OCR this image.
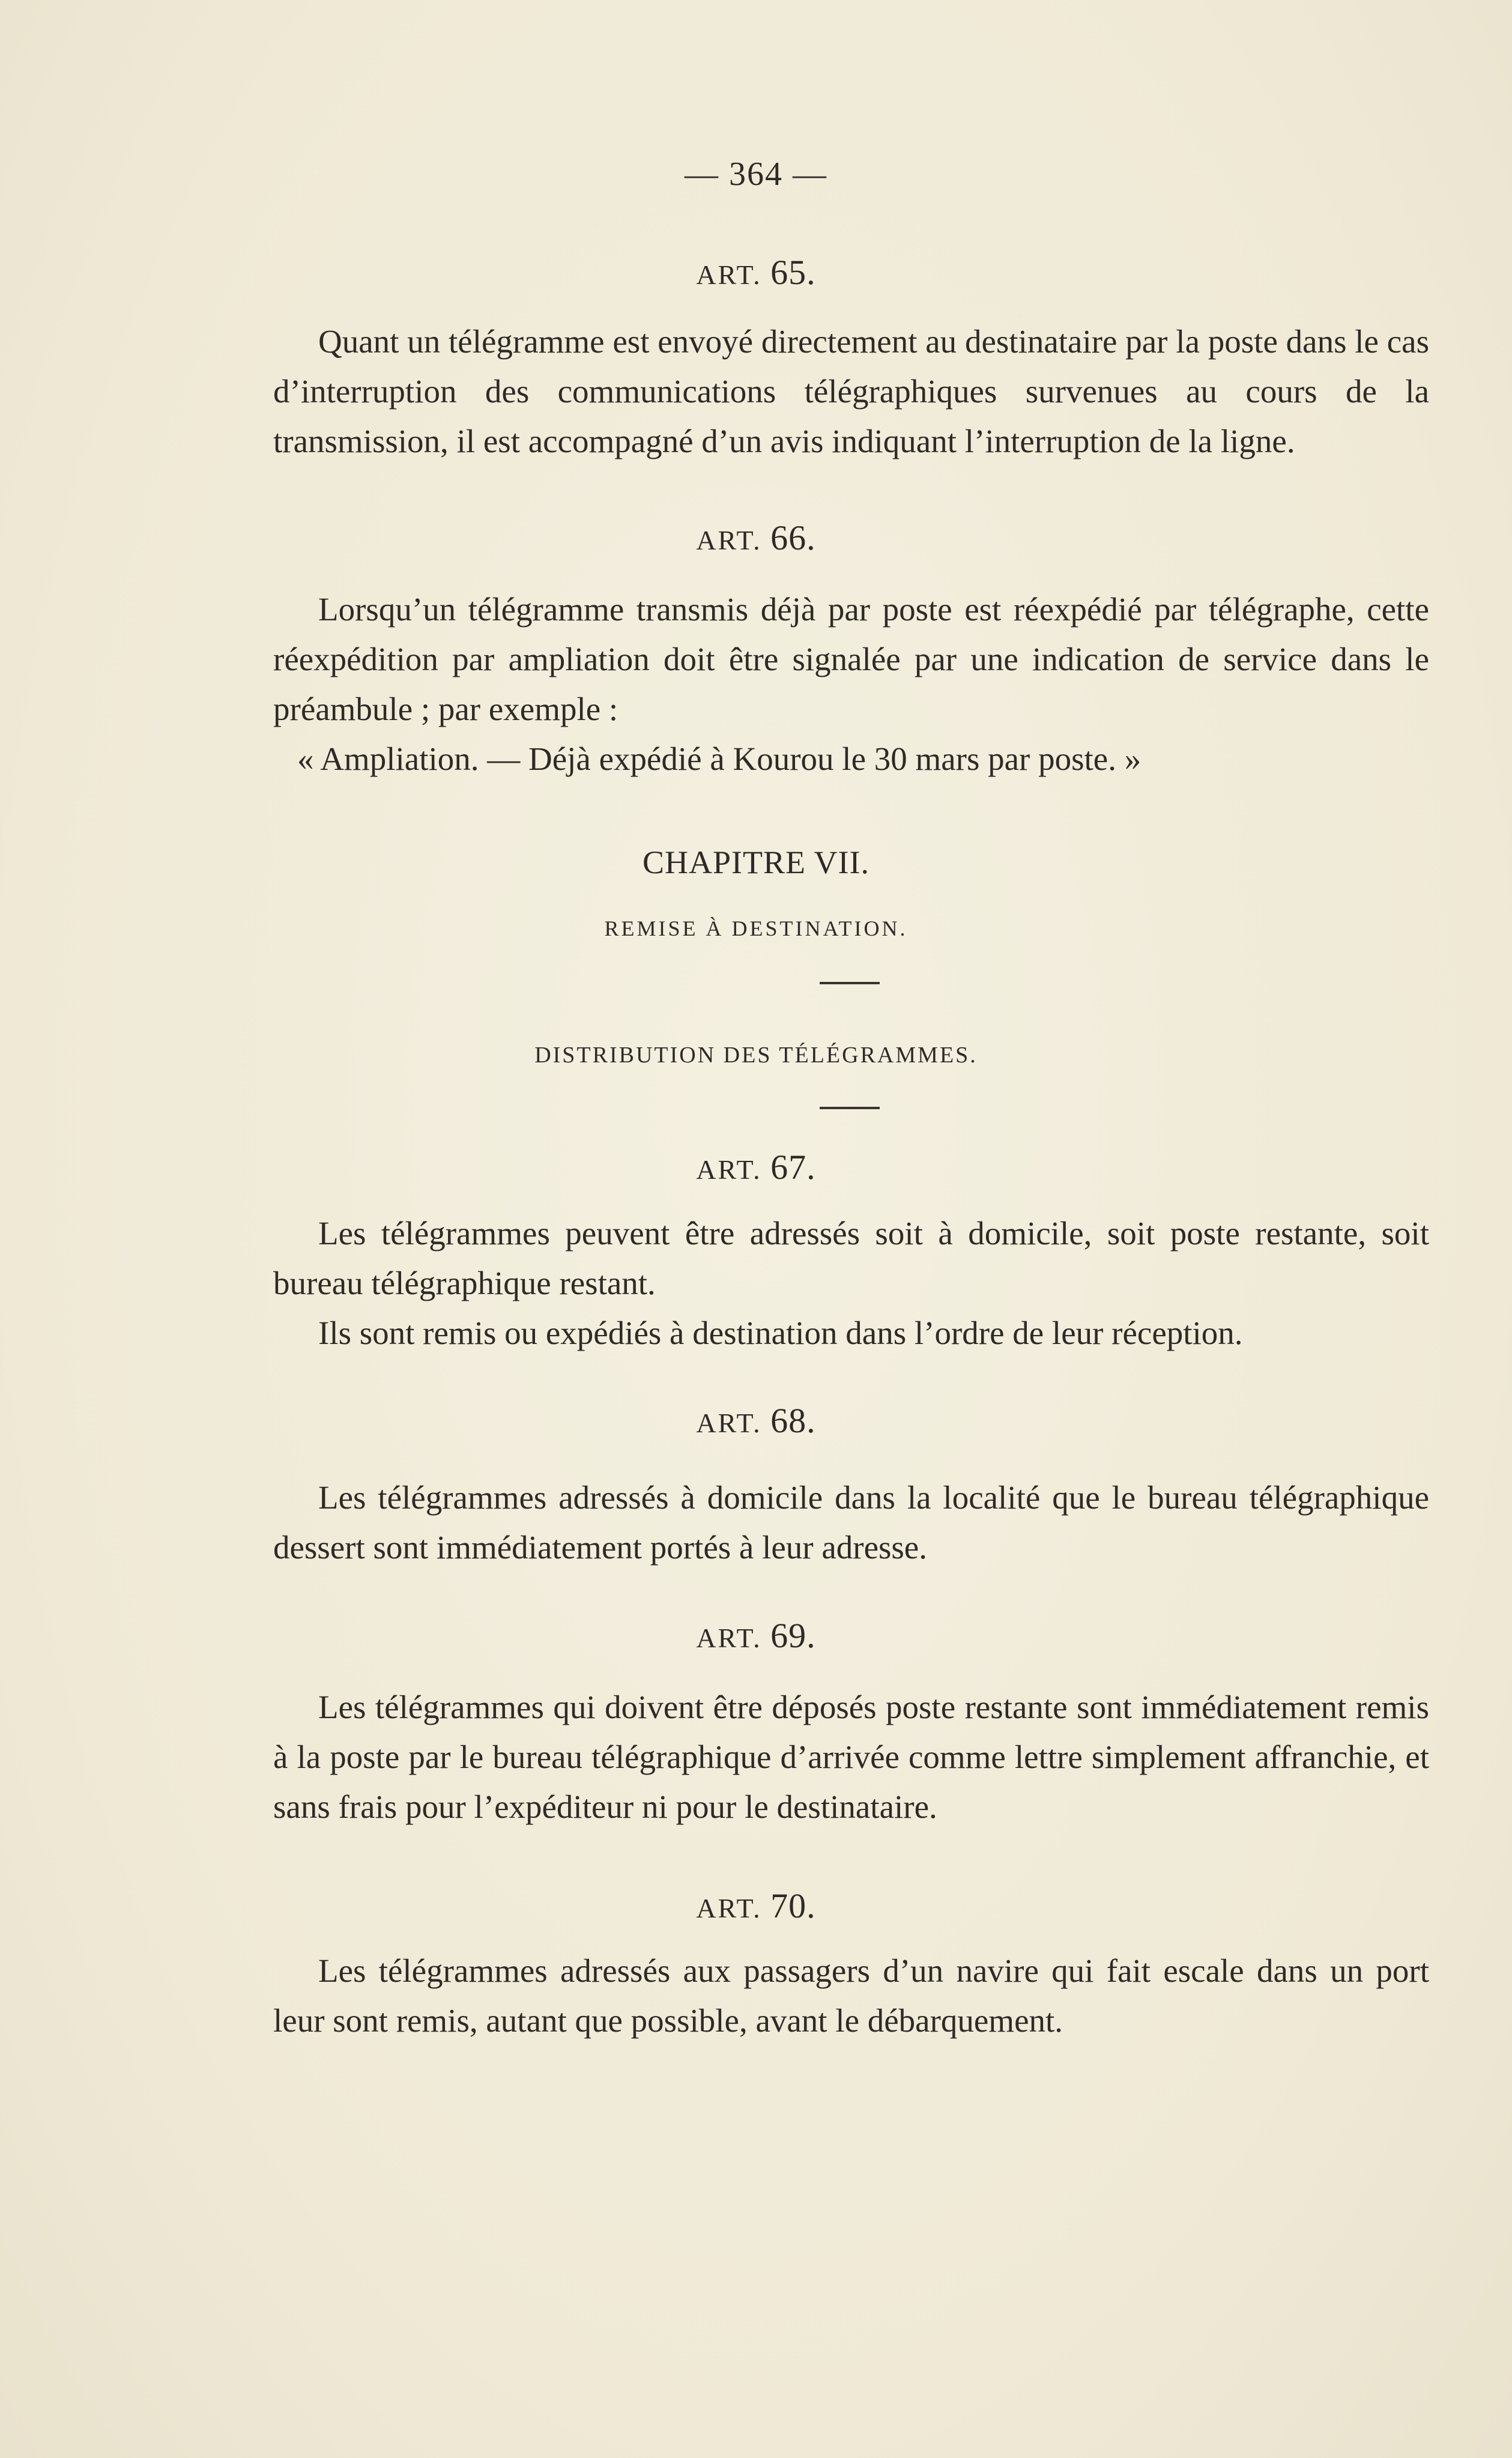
— 364 —
ART. 65.

Quant un télégramme est envoyé directement au destinataire par la poste dans le cas d’interruption des communications télégraphiques survenues au cours de la transmission, il est accompagné d’un avis indiquant l’interruption de la ligne.

ART. 66.

Lorsqu’un télégramme transmis déjà par poste est réexpédié par télégraphe, cette réexpédition par ampliation doit être signalée par une indication de service dans le préambule ; par exemple :

« Ampliation. — Déjà expédié à Kourou le 30 mars par poste. »

CHAPITRE VII.
REMISE À DESTINATION.
DISTRIBUTION DES TÉLÉGRAMMES.
ART. 67.

Les télégrammes peuvent être adressés soit à domicile, soit poste restante, soit bureau télégraphique restant.

Ils sont remis ou expédiés à destination dans l’ordre de leur réception.

ART. 68.

Les télégrammes adressés à domicile dans la localité que le bureau télégraphique dessert sont immédiatement portés à leur adresse.

ART. 69.

Les télégrammes qui doivent être déposés poste restante sont immédiatement remis à la poste par le bureau télégraphique d’arrivée comme lettre simplement affranchie, et sans frais pour l’expéditeur ni pour le destinataire.

ART. 70.

Les télégrammes adressés aux passagers d’un navire qui fait escale dans un port leur sont remis, autant que possible, avant le débarquement.
